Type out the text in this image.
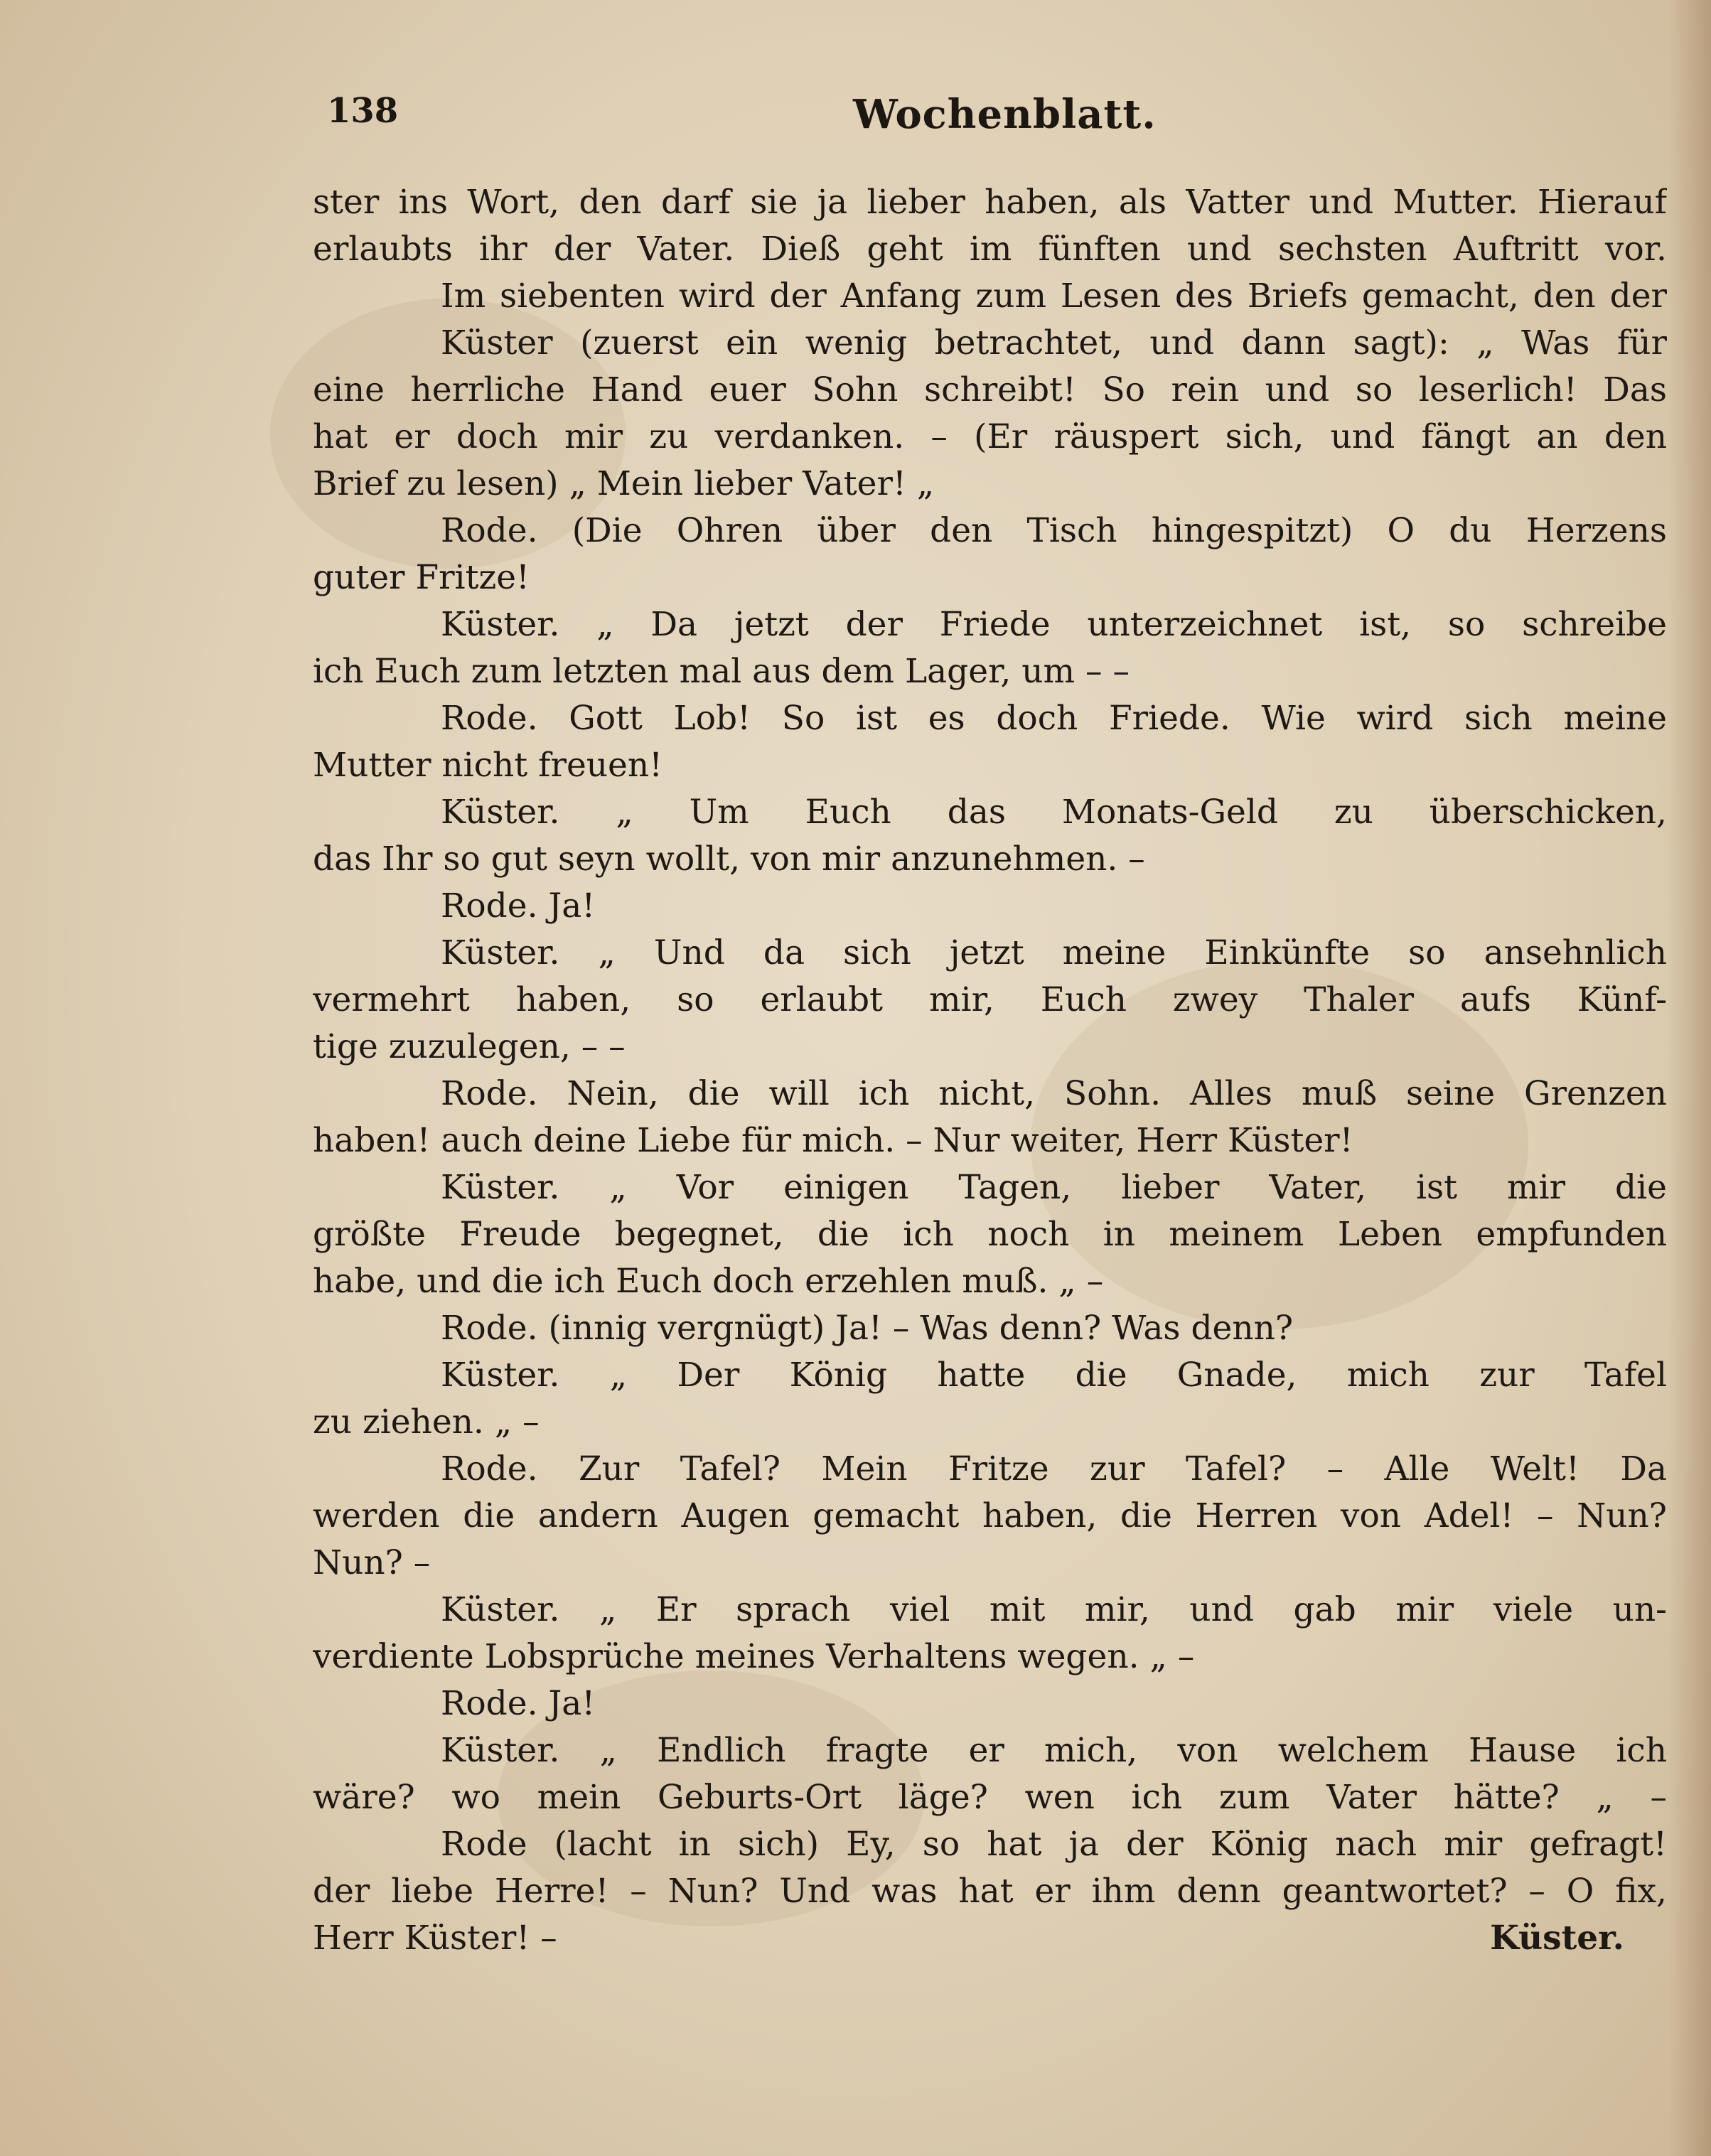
138	Wochenblatt.
ster ins Wort, den darf sie ja lieber haben, als Vatter und Mutter. Hierauf
erlaubts ihr der Vater. Dieß geht im fünften und sechsten Auftritt vor.
Im siebenten wird der Anfang zum Lesen des Briefs gemacht, den der
Küster (zuerst ein wenig betrachtet, und dann sagt): „ Was für
eine herrliche Hand euer Sohn schreibt! So rein und so leserlich! Das
hat er doch mir zu verdanken. – (Er räuspert sich, und fängt an den
Brief zu lesen) „ Mein lieber Vater! „
Rode. (Die Ohren über den Tisch hingespitzt) O du Herzens
guter Fritze!
Küster. „ Da jetzt der Friede unterzeichnet ist, so schreibe
ich Euch zum letzten mal aus dem Lager, um – –
Rode. Gott Lob! So ist es doch Friede. Wie wird sich meine
Mutter nicht freuen!
Küster. „ Um Euch das Monats-Geld zu überschicken,
das Ihr so gut seyn wollt, von mir anzunehmen. –
Rode. Ja!
Küster. „ Und da sich jetzt meine Einkünfte so ansehnlich
vermehrt haben, so erlaubt mir, Euch zwey Thaler aufs Künf-
tige zuzulegen, – –
Rode. Nein, die will ich nicht, Sohn. Alles muß seine Grenzen
haben! auch deine Liebe für mich. – Nur weiter, Herr Küster!
Küster. „ Vor einigen Tagen, lieber Vater, ist mir die
größte Freude begegnet, die ich noch in meinem Leben empfunden
habe, und die ich Euch doch erzehlen muß. „ –
Rode. (innig vergnügt) Ja! – Was denn? Was denn?
Küster. „ Der König hatte die Gnade, mich zur Tafel
zu ziehen. „ –
Rode. Zur Tafel? Mein Fritze zur Tafel? – Alle Welt! Da
werden die andern Augen gemacht haben, die Herren von Adel! – Nun?
Nun? –
Küster. „ Er sprach viel mit mir, und gab mir viele un-
verdiente Lobsprüche meines Verhaltens wegen. „ –
Rode. Ja!
Küster. „ Endlich fragte er mich, von welchem Hause ich
wäre? wo mein Geburts-Ort läge? wen ich zum Vater hätte? „ –
Rode (lacht in sich) Ey, so hat ja der König nach mir gefragt!
der liebe Herre! – Nun? Und was hat er ihm denn geantwortet? – O fix,
Herr Küster! –	Küster.
